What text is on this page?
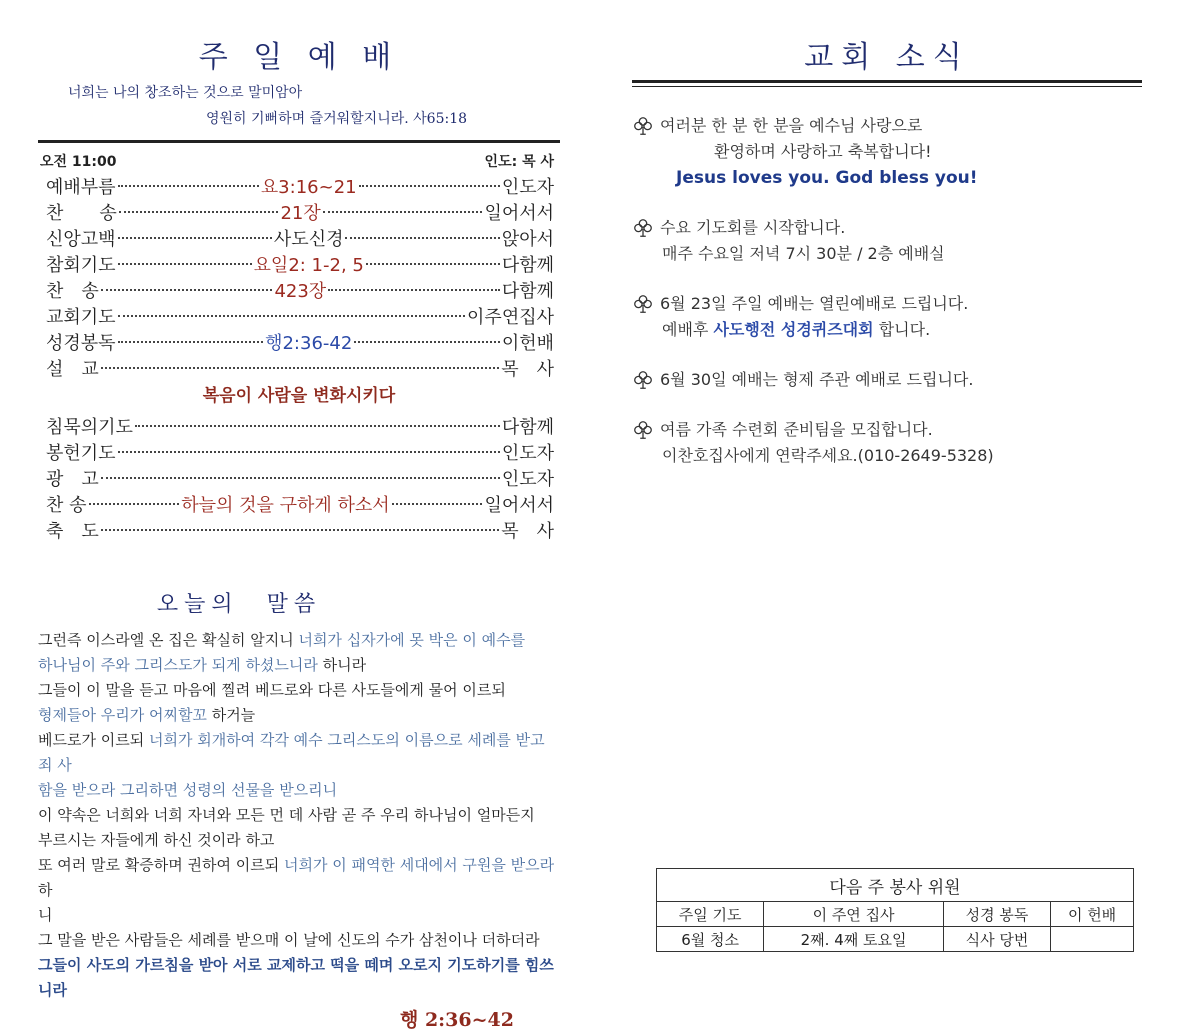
주 일 예 배
너희는 나의 창조하는 것으로 말미암아
영원히 기뻐하며 즐거워할지니라. 사65:18
오전 11:00	인도: 목 사
예배부름	요3:16~21	인도자
찬　　송	21장	일어서서
신앙고백	사도신경	앉아서
참회기도	요일2: 1-2, 5	다함께
찬　송	423장	다함께
교회기도	이주연집사
성경봉독	행2:36-42	이헌배
설　교	목　사
복음이 사람을 변화시키다
침묵의기도	다함께
봉헌기도	인도자
광　고	인도자
찬 송	하늘의 것을 구하게 하소서	일어서서
축　도	목　사
오늘의　말씀
그런즉 이스라엘 온 집은 확실히 알지니 너희가 십자가에 못 박은 이 예수를
하나님이 주와 그리스도가 되게 하셨느니라 하니라
그들이 이 말을 듣고 마음에 찔려 베드로와 다른 사도들에게 물어 이르되
형제들아 우리가 어찌할꼬 하거늘
베드로가 이르되 너희가 회개하여 각각 예수 그리스도의 이름으로 세례를 받고 죄 사
함을 받으라 그리하면 성령의 선물을 받으리니
이 약속은 너희와 너희 자녀와 모든 먼 데 사람 곧 주 우리 하나님이 얼마든지
부르시는 자들에게 하신 것이라 하고
또 여러 말로 확증하며 권하여 이르되 너희가 이 패역한 세대에서 구원을 받으라 하
니
그 말을 받은 사람들은 세례를 받으매 이 날에 신도의 수가 삼천이나 더하더라
그들이 사도의 가르침을 받아 서로 교제하고 떡을 떼며 오로지 기도하기를 힘쓰니라
행 2:36~42
교회 소식
여러분 한 분 한 분을 예수님 사랑으로
환영하며 사랑하고 축복합니다!
Jesus loves you. God bless you!
수요 기도회를 시작합니다.
매주 수요일 저녁 7시 30분 / 2층 예배실
6월 23일 주일 예배는 열린예배로 드립니다.
예배후 사도행전 성경퀴즈대회 합니다.
6월 30일 예배는 형제 주관 예배로 드립니다.
여름 가족 수련회 준비팀을 모집합니다.
이찬호집사에게 연락주세요.(010-2649-5328)
다음 주 봉사 위원			
주일 기도	이 주연 집사	성경 봉독	이 헌배
6월 청소	2째. 4째 토요일	식사 당번	
